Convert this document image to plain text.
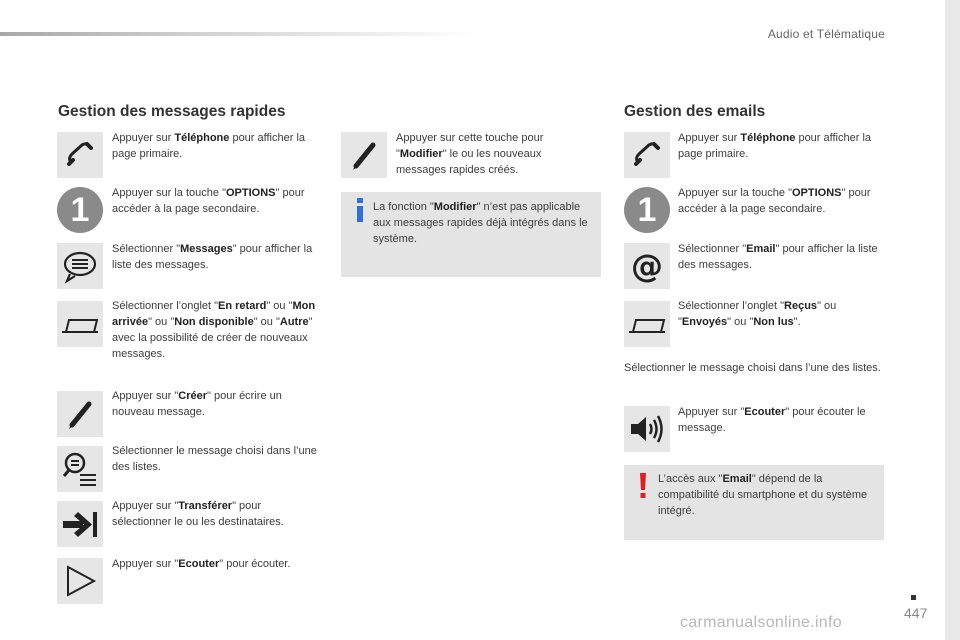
Audio et Télématique
Gestion des messages rapides	Gestion des emails
Appuyer sur Téléphone pour afficher la page primaire.
1	Appuyer sur la touche "OPTIONS" pour accéder à la page secondaire.
Sélectionner "Messages" pour afficher la liste des messages.
Sélectionner l’onglet "En retard" ou "Mon arrivée" ou "Non disponible" ou "Autre" avec la possibilité de créer de nouveaux messages.
Appuyer sur "Créer" pour écrire un nouveau message.
Sélectionner le message choisi dans l’une des listes.
Appuyer sur "Transférer" pour sélectionner le ou les destinataires.
Appuyer sur "Ecouter" pour écouter.
Appuyer sur cette touche pour "Modifier" le ou les nouveaux messages rapides créés.
La fonction "Modifier" n’est pas applicable aux messages rapides déjà intégrés dans le système.
Appuyer sur Téléphone pour afficher la page primaire.
1	Appuyer sur la touche "OPTIONS" pour accéder à la page secondaire.
@ Sélectionner "Email" pour afficher la liste des messages.
Sélectionner l’onglet "Reçus" ou "Envoyés" ou "Non lus".
Sélectionner le message choisi dans l’une des listes.
Appuyer sur "Ecouter" pour écouter le message.
L’accès aux "Email" dépend de la compatibilité du smartphone et du système intégré.
447
carmanualsonline.info
